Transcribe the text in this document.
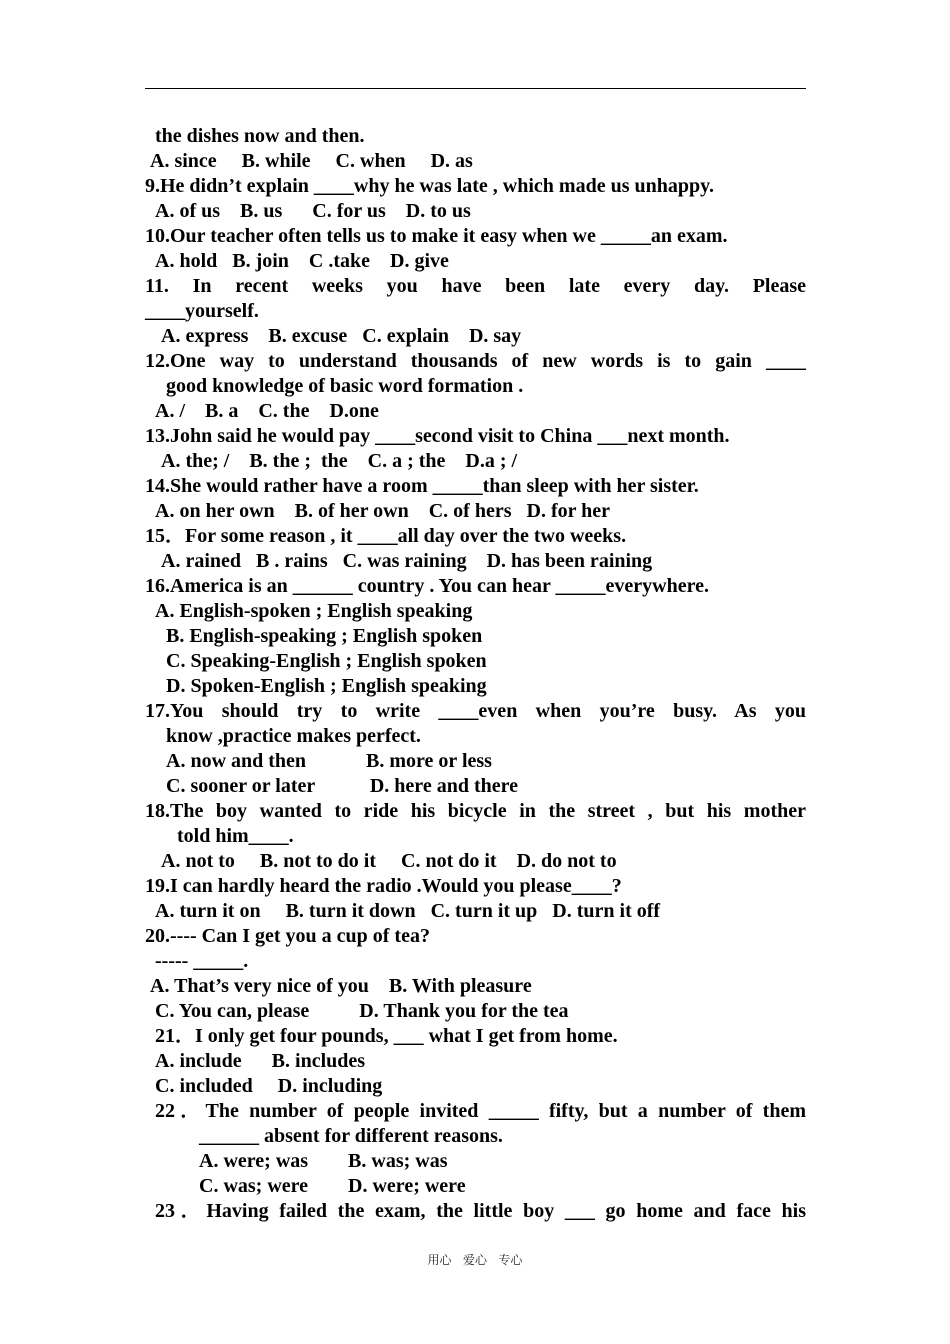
the dishes now and then.
A. since     B. while     C. when     D. as
9.He didn’t explain ____why he was late , which made us unhappy.
A. of us    B. us      C. for us    D. to us
10.Our teacher often tells us to make it easy when we _____an exam.
A. hold   B. join    C .take    D. give
11. In recent weeks you have been late every day. Please
____yourself.
A. express    B. excuse   C. explain    D. say
12.One way to understand thousands of new words is to gain ____
good knowledge of basic word formation .
A. /    B. a    C. the    D.one
13.John said he would pay ____second visit to China ___next month.
A. the; /    B. the ;  the    C. a ; the    D.a ; /
14.She would rather have a room _____than sleep with her sister.
A. on her own    B. of her own    C. of hers   D. for her
15．For some reason , it ____all day over the two weeks.
A. rained   B . rains   C. was raining    D. has been raining
16.America is an ______ country . You can hear _____everywhere.
A. English-spoken ; English speaking
B. English-speaking ; English spoken
C. Speaking-English ; English spoken
D. Spoken-English ; English speaking
17.You should try to write ____even when you’re busy. As you
know ,practice makes perfect.
A. now and then            B. more or less
C. sooner or later           D. here and there
18.The boy wanted to ride his bicycle in the street , but his mother
told him____.
A. not to     B. not to do it     C. not do it    D. do not to
19.I can hardly heard the radio .Would you please____?
A. turn it on     B. turn it down   C. turn it up   D. turn it off
20.---- Can I get you a cup of tea?
----- _____.
A. That’s very nice of you    B. With pleasure
C. You can, please          D. Thank you for the tea
21．I only get four pounds, ___ what I get from home.
A. include      B. includes
C. included     D. including
22．The number of people invited _____ fifty, but a number of them
______ absent for different reasons.
A. were; was        B. was; was
C. was; were        D. were; were
23．Having failed the exam, the little boy ___ go home and face his
用心   爱心   专心
